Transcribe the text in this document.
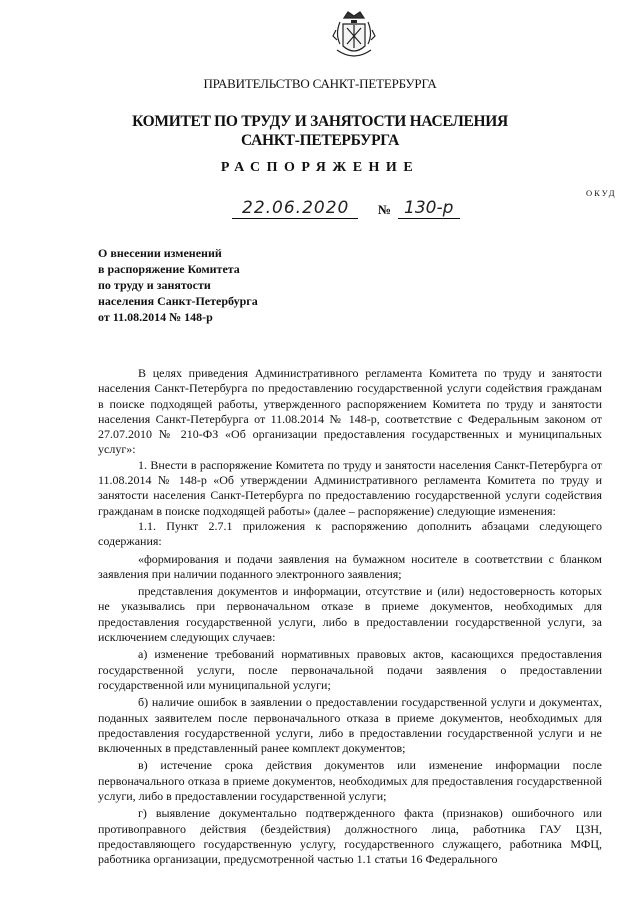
ПРАВИТЕЛЬСТВО САНКТ-ПЕТЕРБУРГА
КОМИТЕТ ПО ТРУДУ И ЗАНЯТОСТИ НАСЕЛЕНИЯ
САНКТ-ПЕТЕРБУРГА
РАСПОРЯЖЕНИЕ
ОКУД
22.06.2020 № 130-р
О внесении изменений
в распоряжение Комитета
по труду и занятости
населения Санкт-Петербурга
от 11.08.2014 № 148-р

В целях приведения Административного регламента Комитета по труду и занятости населения Санкт-Петербурга по предоставлению государственной услуги содействия гражданам в поиске подходящей работы, утвержденного распоряжением Комитета по труду и занятости населения Санкт-Петербурга от 11.08.2014 № 148-р, соответствие с Федеральным законом от 27.07.2010 № 210-ФЗ «Об организации предоставления государственных и муниципальных услуг»:

1. Внести в распоряжение Комитета по труду и занятости населения Санкт-Петербурга от 11.08.2014 № 148-р «Об утверждении Административного регламента Комитета по труду и занятости населения Санкт-Петербурга по предоставлению государственной услуги содействия гражданам в поиске подходящей работы» (далее – распоряжение) следующие изменения:

1.1. Пункт 2.7.1 приложения к распоряжению дополнить абзацами следующего содержания:

«формирования и подачи заявления на бумажном носителе в соответствии с бланком заявления при наличии поданного электронного заявления;

представления документов и информации, отсутствие и (или) недостоверность которых не указывались при первоначальном отказе в приеме документов, необходимых для предоставления государственной услуги, либо в предоставлении государственной услуги, за исключением следующих случаев:

а) изменение требований нормативных правовых актов, касающихся предоставления государственной услуги, после первоначальной подачи заявления о предоставлении государственной или муниципальной услуги;

б) наличие ошибок в заявлении о предоставлении государственной услуги и документах, поданных заявителем после первоначального отказа в приеме документов, необходимых для предоставления государственной услуги, либо в предоставлении государственной услуги и не включенных в представленный ранее комплект документов;

в) истечение срока действия документов или изменение информации после первоначального отказа в приеме документов, необходимых для предоставления государственной услуги, либо в предоставлении государственной услуги;

г) выявление документально подтвержденного факта (признаков) ошибочного или противоправного действия (бездействия) должностного лица, работника ГАУ ЦЗН, предоставляющего государственную услугу, государственного служащего, работника МФЦ, работника организации, предусмотренной частью 1.1 статьи 16 Федерального
